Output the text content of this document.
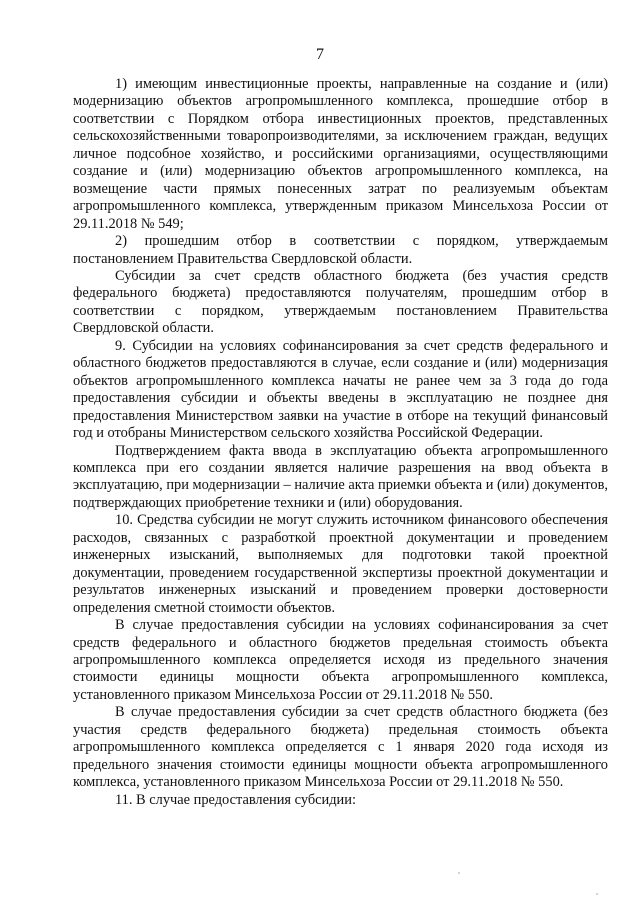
7

1) имеющим инвестиционные проекты, направленные на создание и (или) модернизацию объектов агропромышленного комплекса, прошедшие отбор в соответствии с Порядком отбора инвестиционных проектов, представленных сельскохозяйственными товаропроизводителями, за исключением граждан, ведущих личное подсобное хозяйство, и российскими организациями, осуществляющими создание и (или) модернизацию объектов агропромышленного комплекса, на возмещение части прямых понесенных затрат по реализуемым объектам агропромышленного комплекса, утвержденным приказом Минсельхоза России от 29.11.2018 № 549;

2) прошедшим отбор в соответствии с порядком, утверждаемым постановлением Правительства Свердловской области.

Субсидии за счет средств областного бюджета (без участия средств федерального бюджета) предоставляются получателям, прошедшим отбор в соответствии с порядком, утверждаемым постановлением Правительства Свердловской области.

9. Субсидии на условиях софинансирования за счет средств федерального и областного бюджетов предоставляются в случае, если создание и (или) модернизация объектов агропромышленного комплекса начаты не ранее чем за 3 года до года предоставления субсидии и объекты введены в эксплуатацию не позднее дня предоставления Министерством заявки на участие в отборе на текущий финансовый год и отобраны Министерством сельского хозяйства Российской Федерации.

Подтверждением факта ввода в эксплуатацию объекта агропромышленного комплекса при его создании является наличие разрешения на ввод объекта в эксплуатацию, при модернизации – наличие акта приемки объекта и (или) документов, подтверждающих приобретение техники и (или) оборудования.

10. Средства субсидии не могут служить источником финансового обеспечения расходов, связанных с разработкой проектной документации и проведением инженерных изысканий, выполняемых для подготовки такой проектной документации, проведением государственной экспертизы проектной документации и результатов инженерных изысканий и проведением проверки достоверности определения сметной стоимости объектов.

В случае предоставления субсидии на условиях софинансирования за счет средств федерального и областного бюджетов предельная стоимость объекта агропромышленного комплекса определяется исходя из предельного значения стоимости единицы мощности объекта агропромышленного комплекса, установленного приказом Минсельхоза России от 29.11.2018 № 550.

В случае предоставления субсидии за счет средств областного бюджета (без участия средств федерального бюджета) предельная стоимость объекта агропромышленного комплекса определяется с 1 января 2020 года исходя из предельного значения стоимости единицы мощности объекта агропромышленного комплекса, установленного приказом Минсельхоза России от 29.11.2018 № 550.

11. В случае предоставления субсидии:
